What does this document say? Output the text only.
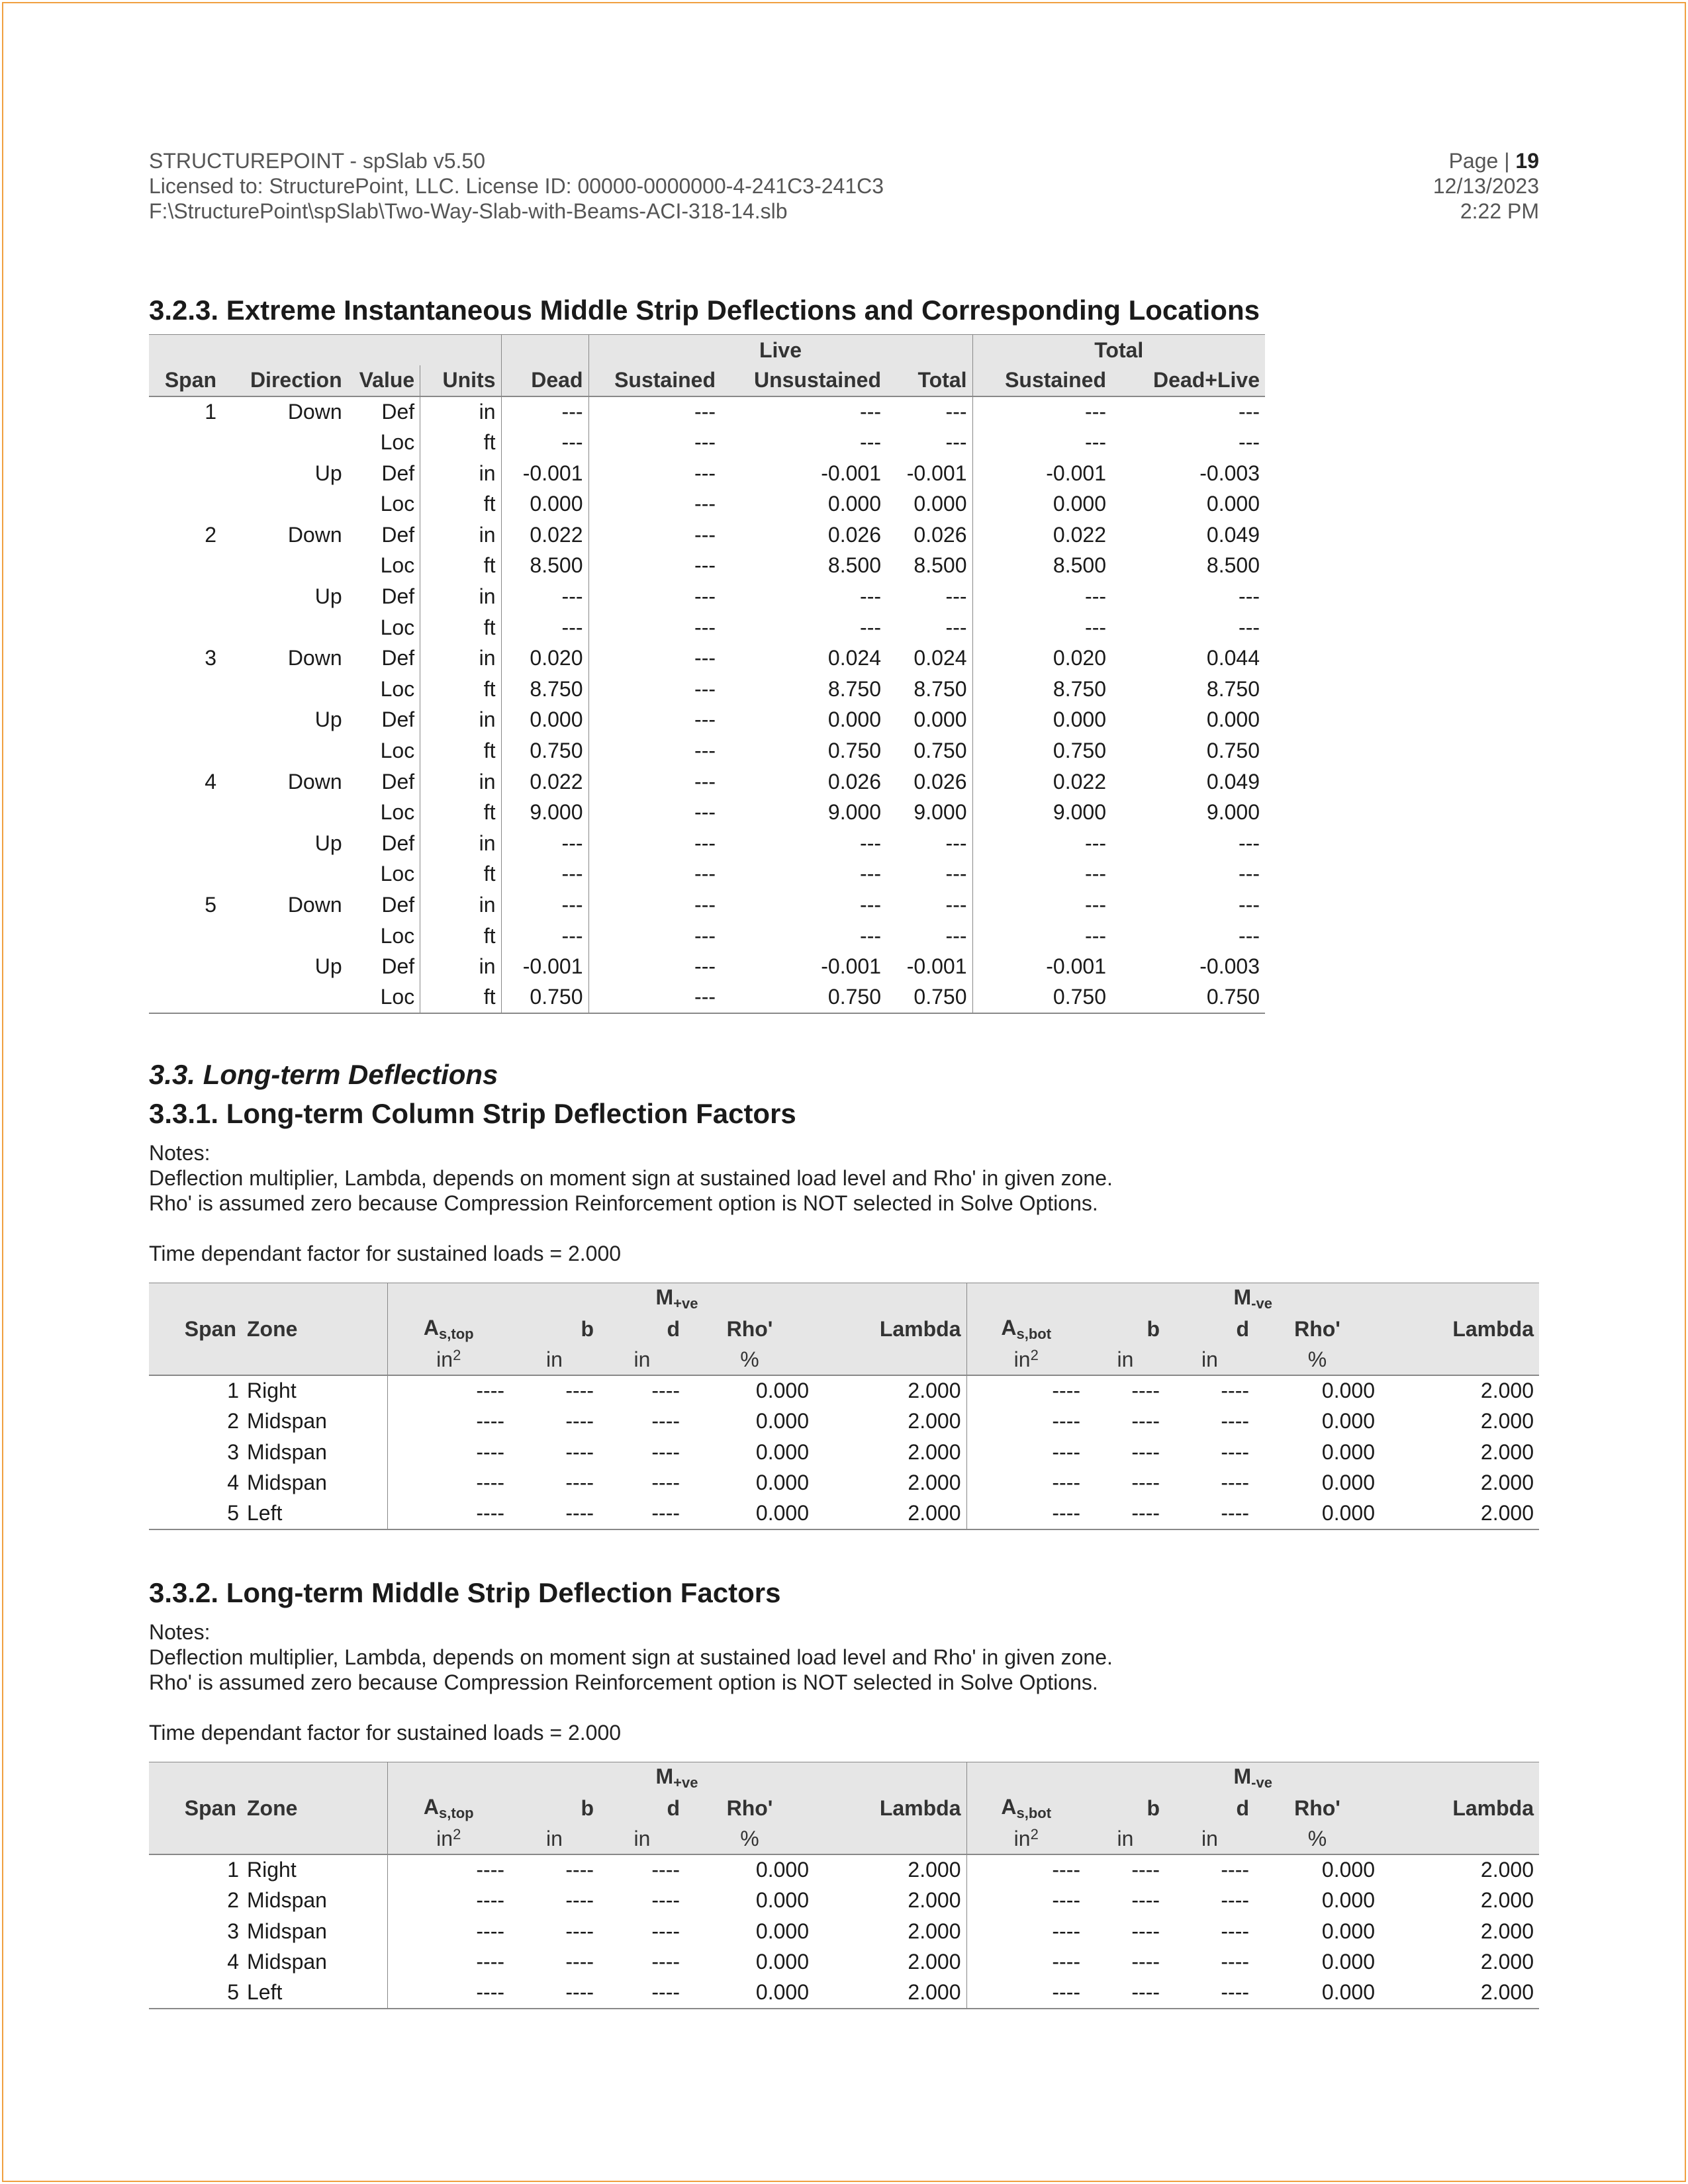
STRUCTUREPOINT - spSlab v5.50
Licensed to: StructurePoint, LLC. License ID: 00000-0000000-4-241C3-241C3
F:\StructurePoint\spSlab\Two-Way-Slab-with-Beams-ACI-318-14.slb
Page | 19
12/13/2023
2:22 PM
3.2.3. Extreme Instantaneous Middle Strip Deflections and Corresponding Locations
					Live			Total	
Span	Direction	Value	Units	Dead	Sustained	Unsustained	Total	Sustained	Dead+Live
1	Down	Def	in	---	---	---	---	---	---
		Loc	ft	---	---	---	---	---	---
	Up	Def	in	-0.001	---	-0.001	-0.001	-0.001	-0.003
		Loc	ft	0.000	---	0.000	0.000	0.000	0.000
2	Down	Def	in	0.022	---	0.026	0.026	0.022	0.049
		Loc	ft	8.500	---	8.500	8.500	8.500	8.500
	Up	Def	in	---	---	---	---	---	---
		Loc	ft	---	---	---	---	---	---
3	Down	Def	in	0.020	---	0.024	0.024	0.020	0.044
		Loc	ft	8.750	---	8.750	8.750	8.750	8.750
	Up	Def	in	0.000	---	0.000	0.000	0.000	0.000
		Loc	ft	0.750	---	0.750	0.750	0.750	0.750
4	Down	Def	in	0.022	---	0.026	0.026	0.022	0.049
		Loc	ft	9.000	---	9.000	9.000	9.000	9.000
	Up	Def	in	---	---	---	---	---	---
		Loc	ft	---	---	---	---	---	---
5	Down	Def	in	---	---	---	---	---	---
		Loc	ft	---	---	---	---	---	---
	Up	Def	in	-0.001	---	-0.001	-0.001	-0.001	-0.003
		Loc	ft	0.750	---	0.750	0.750	0.750	0.750
3.3. Long-term Deflections
3.3.1. Long-term Column Strip Deflection Factors
Notes:
Deflection multiplier, Lambda, depends on moment sign at sustained load level and Rho' in given zone.
Rho' is assumed zero because Compression Reinforcement option is NOT selected in Solve Options.
Time dependant factor for sustained loads = 2.000
		$M_{+ve}$					$M_{-ve}$
Span	Zone	$A_{s,top}$	b	d	Rho'	Lambda	$A_{s,bot}$	b	d	Rho'	Lambda
		$in^2$	in	in	%		$in^2$	in	in	%	
1	Right	----	----	----	0.000	2.000	----	----	----	0.000	2.000
2	Midspan	----	----	----	0.000	2.000	----	----	----	0.000	2.000
3	Midspan	----	----	----	0.000	2.000	----	----	----	0.000	2.000
4	Midspan	----	----	----	0.000	2.000	----	----	----	0.000	2.000
5	Left	----	----	----	0.000	2.000	----	----	----	0.000	2.000
3.3.2. Long-term Middle Strip Deflection Factors
Notes:
Deflection multiplier, Lambda, depends on moment sign at sustained load level and Rho' in given zone.
Rho' is assumed zero because Compression Reinforcement option is NOT selected in Solve Options.
Time dependant factor for sustained loads = 2.000
		$M_{+ve}$					$M_{-ve}$
Span	Zone	$A_{s,top}$	b	d	Rho'	Lambda	$A_{s,bot}$	b	d	Rho'	Lambda
		$in^2$	in	in	%		$in^2$	in	in	%	
1	Right	----	----	----	0.000	2.000	----	----	----	0.000	2.000
2	Midspan	----	----	----	0.000	2.000	----	----	----	0.000	2.000
3	Midspan	----	----	----	0.000	2.000	----	----	----	0.000	2.000
4	Midspan	----	----	----	0.000	2.000	----	----	----	0.000	2.000
5	Left	----	----	----	0.000	2.000	----	----	----	0.000	2.000
